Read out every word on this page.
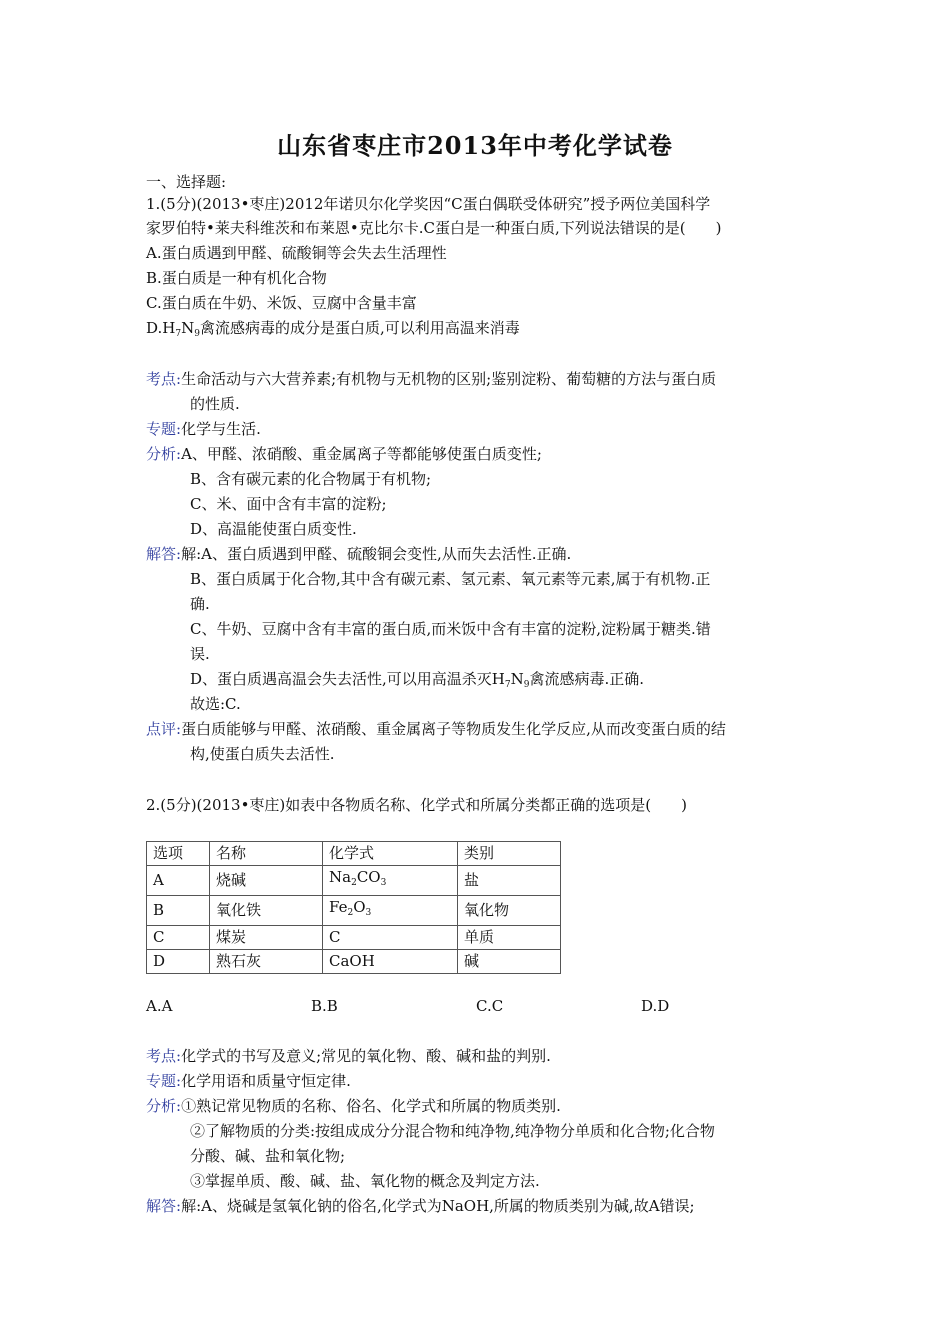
山东省枣庄市2013年中考化学试卷
一、选择题:
1.(5分)(2013•枣庄)2012年诺贝尔化学奖因“C蛋白偶联受体研究”授予两位美国科学
家罗伯特•莱夫科维茨和布莱恩•克比尔卡.C蛋白是一种蛋白质,下列说法错误的是(　　)
A.蛋白质遇到甲醛、硫酸铜等会失去生活理性
B.蛋白质是一种有机化合物
C.蛋白质在牛奶、米饭、豆腐中含量丰富
$D.H_7N_9$禽流感病毒的成分是蛋白质,可以利用高温来消毒
考点:生命活动与六大营养素;有机物与无机物的区别;鉴别淀粉、葡萄糖的方法与蛋白质
的性质.
专题:化学与生活.
分析:A、甲醛、浓硝酸、重金属离子等都能够使蛋白质变性;
B、含有碳元素的化合物属于有机物;
C、米、面中含有丰富的淀粉;
D、高温能使蛋白质变性.
解答:解:A、蛋白质遇到甲醛、硫酸铜会变性,从而失去活性.正确.
B、蛋白质属于化合物,其中含有碳元素、氢元素、氧元素等元素,属于有机物.正
确.
C、牛奶、豆腐中含有丰富的蛋白质,而米饭中含有丰富的淀粉,淀粉属于糖类.错
误.
D、蛋白质遇高温会失去活性,可以用高温杀灭$H_7N_9$禽流感病毒.正确.
故选:C.
点评:蛋白质能够与甲醛、浓硝酸、重金属离子等物质发生化学反应,从而改变蛋白质的结
构,使蛋白质失去活性.
2.(5分)(2013•枣庄)如表中各物质名称、化学式和所属分类都正确的选项是(　　)
选项	名称	化学式	类别
A	烧碱	$Na_2CO_3$	盐
B	氧化铁	$Fe_2O_3$	氧化物
C	煤炭	C	单质
D	熟石灰	CaOH	碱
A.A	B.B	C.C	D.D
考点:化学式的书写及意义;常见的氧化物、酸、碱和盐的判别.
专题:化学用语和质量守恒定律.
分析:①熟记常见物质的名称、俗名、化学式和所属的物质类别.
②了解物质的分类:按组成成分分混合物和纯净物,纯净物分单质和化合物;化合物
分酸、碱、盐和氧化物;
③掌握单质、酸、碱、盐、氧化物的概念及判定方法.
解答:解:A、烧碱是氢氧化钠的俗名,化学式为NaOH,所属的物质类别为碱,故A错误;
